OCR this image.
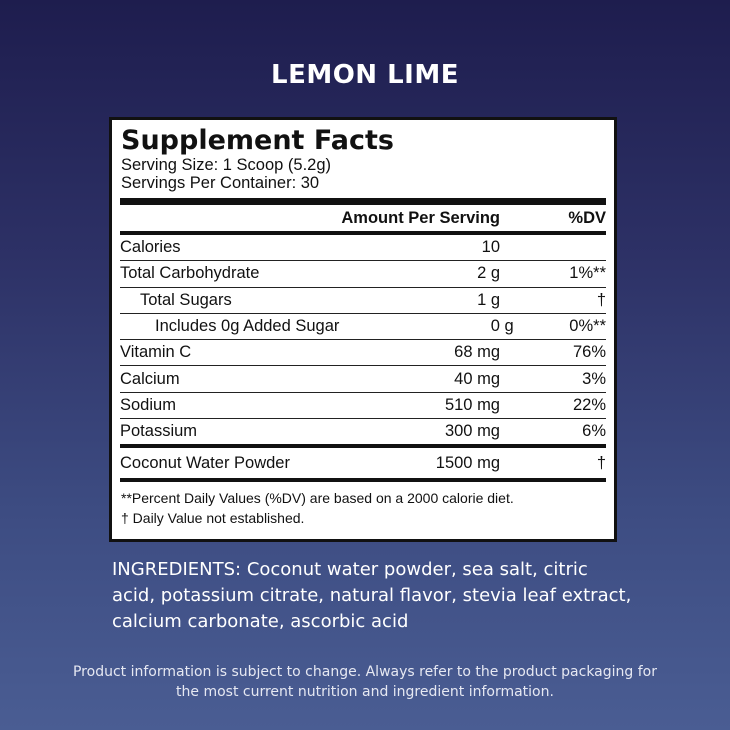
LEMON LIME
Supplement Facts
Serving Size: 1 Scoop (5.2g)
Servings Per Container: 30
Amount Per Serving	%DV
Calories	10
Total Carbohydrate	2 g	1%**
Total Sugars	1 g	†
Includes 0g Added Sugar	0 g	0%**
Vitamin C	68 mg	76%
Calcium	40 mg	3%
Sodium	510 mg	22%
Potassium	300 mg	6%
Coconut Water Powder	1500 mg	†
**Percent Daily Values (%DV) are based on a 2000 calorie diet.
† Daily Value not established.
INGREDIENTS: Coconut water powder, sea salt, citric acid, potassium citrate, natural flavor, stevia leaf extract, calcium carbonate, ascorbic acid
Product information is subject to change. Always refer to the product packaging for the most current nutrition and ingredient information.
